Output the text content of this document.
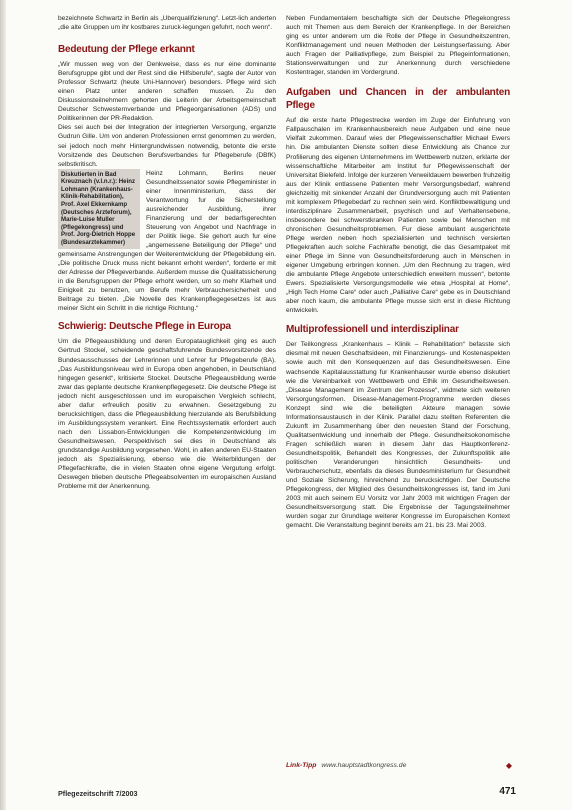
bezeichnete Schwartz in Berlin als „Uberqualifizierung“. Letzt-lich anderten „die alte Gruppen um ihr kostbares zuruck-legungen gefuhrt, noch wenn“.

Bedeutung der Pflege erkannt

„Wir mussen weg von der Denkweise, dass es nur eine dominante Berufsgruppe gibt und der Rest sind die Hilfsberufe“, sagte der Autor von Professor Schwartz (heute Uni-Hannover) besonders. Pflege wird sich einen Platz unter anderen schaffen mussen. Zu den Diskussionsteilnehmern gehorten die Leiterin der Arbeitsgemeinschaft Deutscher Schwesternverbande und Pflegeorganisationen (ADS) und Politikerinnen der PR-Redaktion.

Dies sei auch bei der Integration der integrierten Versorgung, erganzte Gudrun Gille. Um von anderen Professionen ernst genommen zu werden, sei jedoch noch mehr Hintergrundwissen notwendig, betonte die erste Vorsitzende des Deutschen Berufsverbandes fur Pflegeberufe (DBfK) selbstkritisch.

Diskutierten in Bad Kreuznach (v.l.n.r.): Heinz Lohmann (Krankenhaus-Klinik-Rehabilitation), Prof. Axel Ekkernkamp (Deutsches Arzteforum), Marie-Luise Muller (Pflegekongress) und Prof. Jorg-Dietrich Hoppe (Bundesarztekammer)

Heinz Lohmann, Berlins neuer Gesundheitssenator sowie Pflegeminister in einer Innenministerium, dass der Verantwortung fur die Sicherstellung ausreichender Ausbildung, ihrer Finanzierung und der bedarfsgerechten Steuerung von Angebot und Nachfrage in der Politik liege. Sie gehort auch fur eine „angemessene Beteiligung der Pflege“ und gemeinsame Anstrengungen der Weiterentwicklung der Pflegebildung ein. „Die politische Druck muss nicht bekannt erhoht werden“, forderte er mit der Adresse der Pflegeverbande. Außerdem musse die Qualitatssicherung in die Berufsgruppen der Pflege erhoht werden, um so mehr Klarheit und Einigkeit zu benutzen, um Berufe mehr Verbrauchersicherheit und Beitrage zu bieten. „Die Novelle des Krankenpflegegesetzes ist aus meiner Sicht ein Schritt in die richtige Richtung.“

Schwierig: Deutsche Pflege in Europa

Um die Pflegeausbildung und deren Europatauglichkeit ging es auch Gertrud Stockel, scheidende geschaftsfuhrende Bundesvorsitzende des Bundesausschusses der Lehrerinnen und Lehrer fur Pflegeberufe (BA). „Das Ausbildungsniveau wird in Europa oben angehoben, in Deutschland hingegen gesenkt“, kritisierte Stockel. Deutsche Pflegeausbildung werde zwar das geplante deutsche Krankenpflegegesetz. Die deutsche Pflege ist jedoch nicht ausgeschlossen und im europaischen Vergleich schlecht, aber dafur erfreulich positiv zu erwahnen. Gesetzgebung zu berucksichtigen, dass die Pflegeausbildung hierzulande als Berufsbildung im Ausbildungssystem verankert. Eine Rechtssystematik erfordert auch nach den Lissabon-Entwicklungen die Kompetenzentwicklung im Gesundheitswesen. Perspektivisch sei dies in Deutschland als grundstandige Ausbildung vorgesehen. Wohl, in allen anderen EU-Staaten jedoch als Spezialisierung, ebenso wie die Weiterbildungen der Pflegefachkrafte, die in vielen Staaten ohne eigene Vergutung erfolgt. Deswegen blieben deutsche Pflegeabsolventen im europaischen Ausland Probleme mit der Anerkennung.

Neben Fundamentalem beschaftigte sich der Deutsche Pflegekongress auch mit Themen aus dem Bereich der Krankenpflege. In der Bereichen ging es unter anderem um die Rolle der Pflege in Gesundheitszentren, Konfliktmanagement und neuen Methoden der Leistungserfassung. Aber auch Fragen der Palliativpflege, zum Beispiel zu Pflegeinformationen, Stationsverwaltungen und zur Anerkennung durch verschiedene Kostentrager, standen im Vordergrund.

Aufgaben und Chancen in der ambulanten Pflege

Auf die erste harte Pflegestrecke werden im Zuge der Einfuhrung von Fallpauschalen im Krankenhausbereich neue Aufgaben und eine neue Vielfalt zukommen. Darauf wies der Pflegewissenschaftler Michael Ewers hin. Die ambulanten Dienste sollten diese Entwicklung als Chance zur Profilierung des eigenen Unternehmens im Wettbewerb nutzen, erklarte der wissenschaftliche Mitarbeiter am Institut fur Pflegewissenschaft der Universitat Bielefeld. Infolge der kurzeren Verweildauern bewerben fruhzeitig aus der Klinik entlassene Patienten mehr Versorgungsbedarf, wahrend gleichzeitig mit sinkender Anzahl der Grundversorgung auch mit Patienten mit komplexem Pflegebedarf zu rechnen sein wird. Konfliktbewaltigung und interdisziplinare Zusammenarbeit, psychisch und auf Verhaltensebene, insbesondere bei schwerstkranken Patienten sowie bei Menschen mit chronischen Gesundheitsproblemen. Fur diese ambulant ausgerichtete Pflege werden neben hoch spezialisierten und technisch versierten Pflegekraften auch solche Fachkrafte benotigt, die das Gesamtpaket mit einer Pflege im Sinne von Gesundheitsforderung auch in Menschen in eigener Umgebung erbringen konnen. „Um den Rechnung zu tragen, wird die ambulante Pflege Angebote unterschiedlich erweitern mussen“, betonte Ewers. Spezialisierte Versorgungsmodelle wie etwa „Hospital at Home“, „High Tech Home Care“ oder auch „Palliative Care“ gebe es in Deutschland aber noch kaum, die ambulante Pflege musse sich erst in diese Richtung entwickeln.

Multiprofessionell und interdisziplinar

Der Teilkongress „Krankenhaus – Klinik – Rehabilitation“ befasste sich diesmal mit neuen Geschaftsideen, mit Finanzierungs- und Kostenaspekten sowie auch mit den Konsequenzen auf das Gesundheitswesen. Eine wachsende Kapitalausstattung fur Krankenhauser wurde ebenso diskutiert wie die Vereinbarkeit von Wettbewerb und Ethik im Gesundheitswesen. „Disease Management im Zentrum der Prozesse“, widmete sich weiteren Versorgungsformen. Disease-Management-Programme werden dieses Konzept sind wie die beteiligten Akteure managen sowie Informationsaustausch in der Klinik. Parallel dazu stellten Referenten die Zukunft im Zusammenhang über den neuesten Stand der Forschung, Qualitatsentwicklung und innerhalb der Pflege. Gesundheitsokonomische Fragen schließlich waren in diesem Jahr das Hauptkonferenz-Gesundheitspolitik, Behandelt des Kongresses, der Zukunftspolitik alle politischen Veranderungen hinsichtlich Gesundheits- und Verbraucherschutz, ebenfalls da dieses Bundesministerium fur Gesundheit und Soziale Sicherung, hinreichend zu berucksichtigen. Der Deutsche Pflegekongress, der Mitglied des Gesundheitskongresses ist, fand im Juni 2003 mit auch seinem EU Vorsitz vor Jahr 2003 mit wichtigen Fragen der Gesundheitsversorgung statt. Die Ergebnisse der Tagungsteilnehmer wurden sogar zur Grundlage weiterer Kongresse im Europaischen Kontext gemacht. Die Veranstaltung beginnt bereits am 21. bis 23. Mai 2003.

Link-Tipp www.hauptstadtkongress.de	◆
Pflegezeitschrift 7/2003	471
